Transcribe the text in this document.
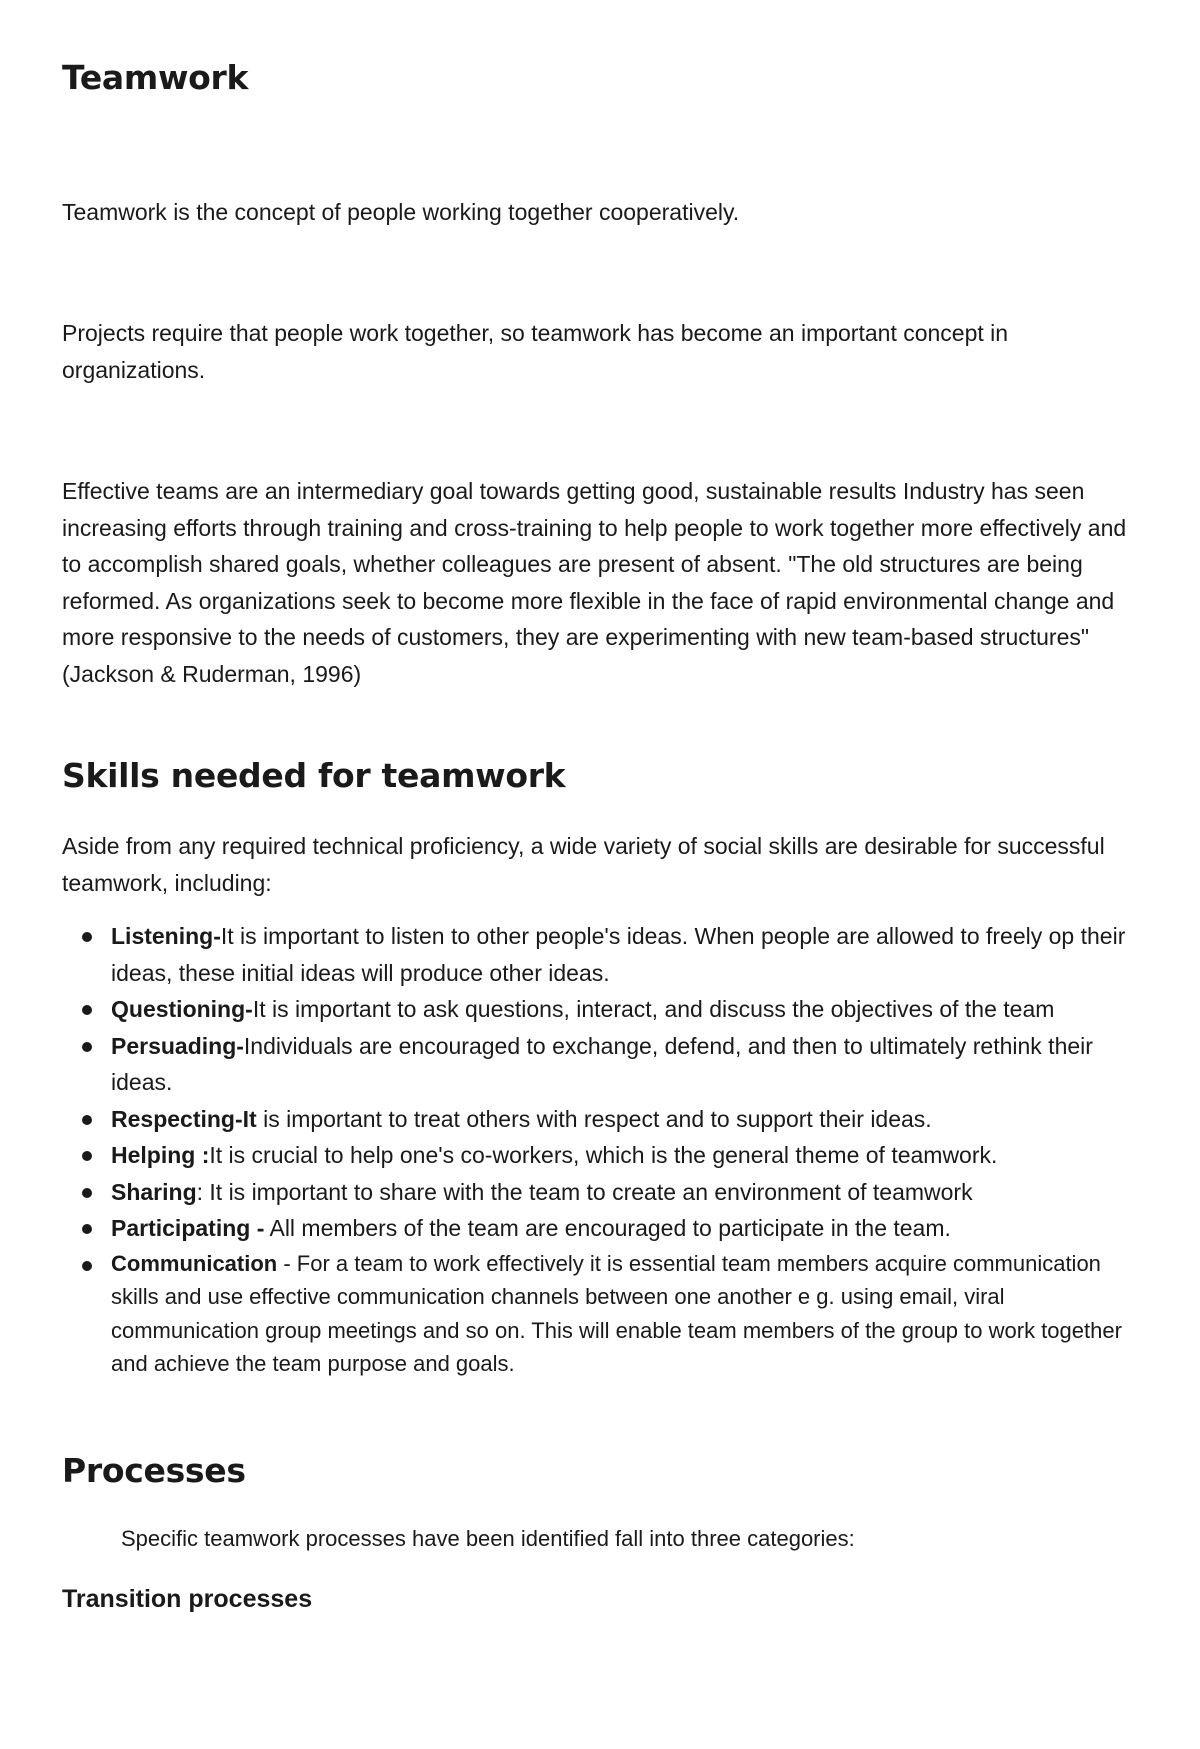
Teamwork

Teamwork is the concept of people working together cooperatively.

Projects require that people work together, so teamwork has become an important concept in organizations.

Effective teams are an intermediary goal towards getting good, sustainable results Industry has seen increasing efforts through training and cross-training to help people to work together more effectively and to accomplish shared goals, whether colleagues are present of absent. "The old structures are being reformed. As organizations seek to become more flexible in the face of rapid environmental change and more responsive to the needs of customers, they are experimenting with new team-based structures" (Jackson & Ruderman, 1996)

Skills needed for teamwork

Aside from any required technical proficiency, a wide variety of social skills are desirable for successful teamwork, including:

Listening-It is important to listen to other people's ideas. When people are allowed to freely op their ideas, these initial ideas will produce other ideas.
Questioning-It is important to ask questions, interact, and discuss the objectives of the team
Persuading-Individuals are encouraged to exchange, defend, and then to ultimately rethink their ideas.
Respecting-It is important to treat others with respect and to support their ideas.
Helping :It is crucial to help one's co-workers, which is the general theme of teamwork.
Sharing: It is important to share with the team to create an environment of teamwork
Participating - All members of the team are encouraged to participate in the team.
Communication - For a team to work effectively it is essential team members acquire communication skills and use effective communication channels between one another e g. using email, viral communication group meetings and so on. This will enable team members of the group to work together and achieve the team purpose and goals.
Processes

Specific teamwork processes have been identified fall into three categories:

Transition processes
